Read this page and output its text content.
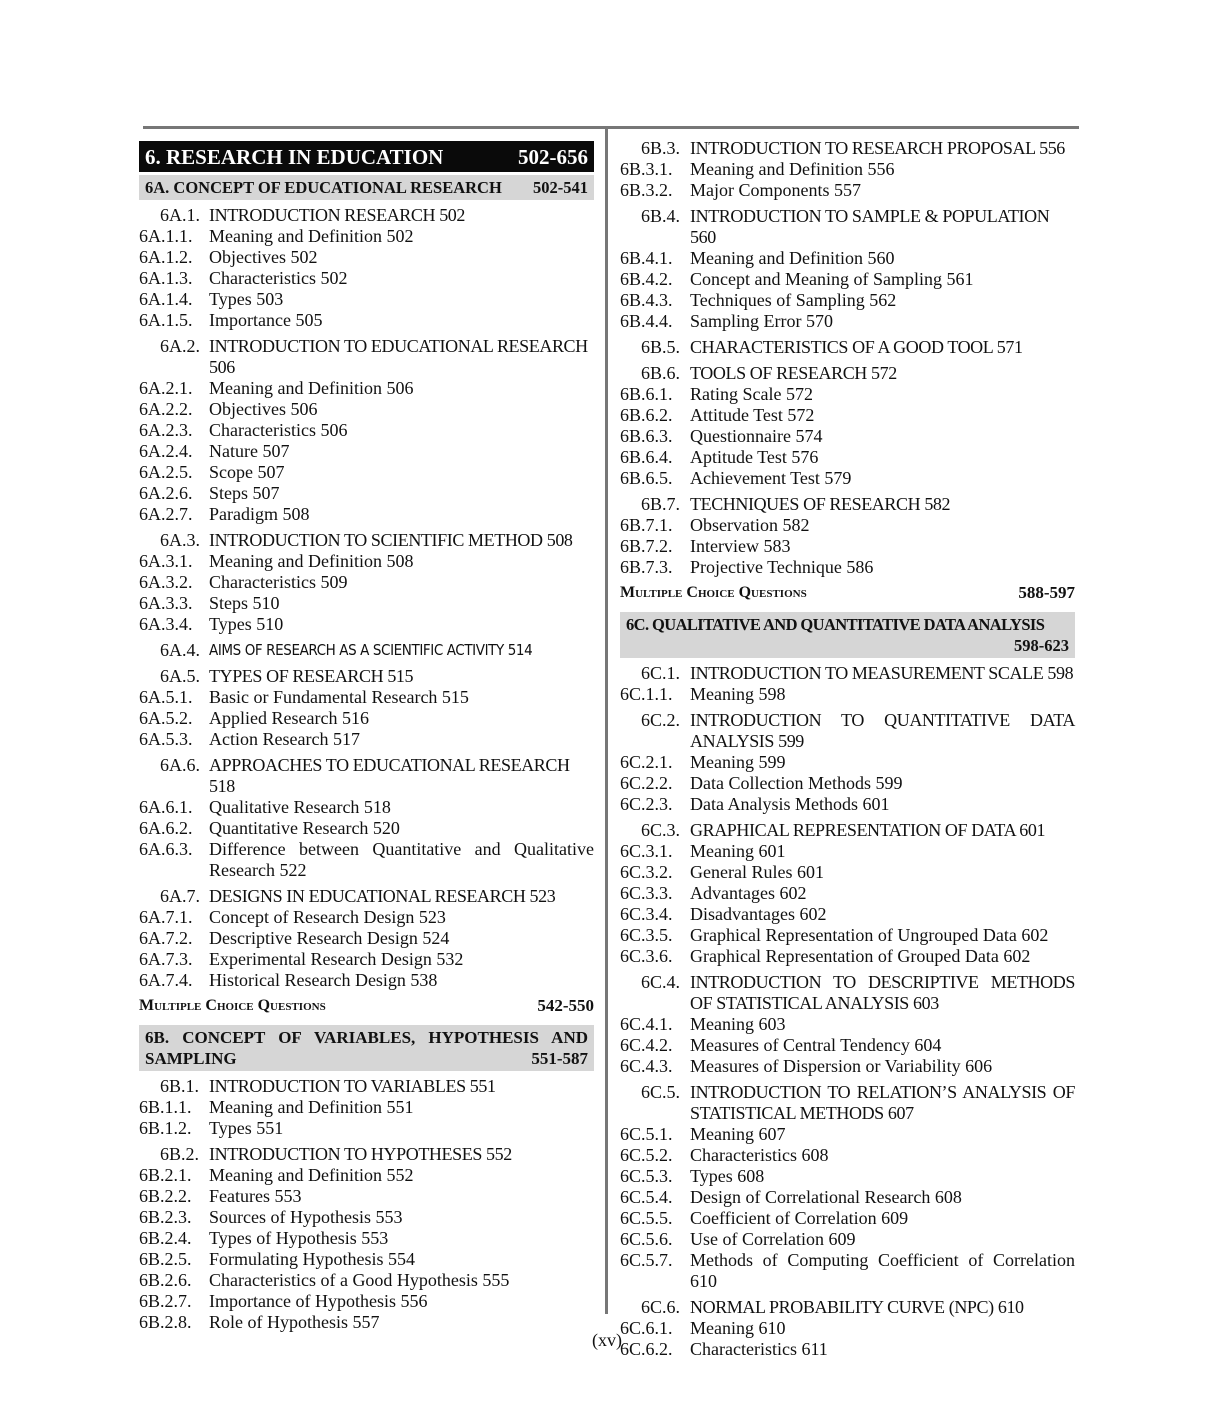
6. RESEARCH IN EDUCATION	502-656
6A. CONCEPT OF EDUCATIONAL RESEARCH 502-541
6A.1. INTRODUCTION RESEARCH 502
6A.1.1. Meaning and Definition 502
6A.1.2. Objectives 502
6A.1.3. Characteristics 502
6A.1.4. Types 503
6A.1.5. Importance 505
6A.2. INTRODUCTION TO EDUCATIONAL RESEARCH 506
6A.2.1. Meaning and Definition 506
6A.2.2. Objectives 506
6A.2.3. Characteristics 506
6A.2.4. Nature 507
6A.2.5. Scope 507
6A.2.6. Steps 507
6A.2.7. Paradigm 508
6A.3. INTRODUCTION TO SCIENTIFIC METHOD 508
6A.3.1. Meaning and Definition 508
6A.3.2. Characteristics 509
6A.3.3. Steps 510
6A.3.4. Types 510
6A.4. AIMS OF RESEARCH AS A SCIENTIFIC ACTIVITY 514
6A.5. TYPES OF RESEARCH 515
6A.5.1. Basic or Fundamental Research 515
6A.5.2. Applied Research 516
6A.5.3. Action Research 517
6A.6. APPROACHES TO EDUCATIONAL RESEARCH 518
6A.6.1. Qualitative Research 518
6A.6.2. Quantitative Research 520
6A.6.3. Difference between Quantitative and Qualitative Research 522
6A.7. DESIGNS IN EDUCATIONAL RESEARCH 523
6A.7.1. Concept of Research Design 523
6A.7.2. Descriptive Research Design 524
6A.7.3. Experimental Research Design 532
6A.7.4. Historical Research Design 538
Multiple Choice Questions	542-550
6B. CONCEPT OF VARIABLES, HYPOTHESIS AND
SAMPLING	551-587
6B.1. INTRODUCTION TO VARIABLES 551
6B.1.1. Meaning and Definition 551
6B.1.2. Types 551
6B.2. INTRODUCTION TO HYPOTHESES 552
6B.2.1. Meaning and Definition 552
6B.2.2. Features 553
6B.2.3. Sources of Hypothesis 553
6B.2.4. Types of Hypothesis 553
6B.2.5. Formulating Hypothesis 554
6B.2.6. Characteristics of a Good Hypothesis 555
6B.2.7. Importance of Hypothesis 556
6B.2.8. Role of Hypothesis 557
6B.3. INTRODUCTION TO RESEARCH PROPOSAL 556
6B.3.1. Meaning and Definition 556
6B.3.2. Major Components 557
6B.4. INTRODUCTION TO SAMPLE & POPULATION 560
6B.4.1. Meaning and Definition 560
6B.4.2. Concept and Meaning of Sampling 561
6B.4.3. Techniques of Sampling 562
6B.4.4. Sampling Error 570
6B.5. CHARACTERISTICS OF A GOOD TOOL 571
6B.6. TOOLS OF RESEARCH 572
6B.6.1. Rating Scale 572
6B.6.2. Attitude Test 572
6B.6.3. Questionnaire 574
6B.6.4. Aptitude Test 576
6B.6.5. Achievement Test 579
6B.7. TECHNIQUES OF RESEARCH 582
6B.7.1. Observation 582
6B.7.2. Interview 583
6B.7.3. Projective Technique 586
Multiple Choice Questions	588-597
6C. QUALITATIVE AND QUANTITATIVE DATA ANALYSIS
598-623
6C.1. INTRODUCTION TO MEASUREMENT SCALE 598
6C.1.1. Meaning 598
6C.2. INTRODUCTION TO QUANTITATIVE DATA ANALYSIS 599
6C.2.1. Meaning 599
6C.2.2. Data Collection Methods 599
6C.2.3. Data Analysis Methods 601
6C.3. GRAPHICAL REPRESENTATION OF DATA 601
6C.3.1. Meaning 601
6C.3.2. General Rules 601
6C.3.3. Advantages 602
6C.3.4. Disadvantages 602
6C.3.5. Graphical Representation of Ungrouped Data 602
6C.3.6. Graphical Representation of Grouped Data 602
6C.4. INTRODUCTION TO DESCRIPTIVE METHODS OF STATISTICAL ANALYSIS 603
6C.4.1. Meaning 603
6C.4.2. Measures of Central Tendency 604
6C.4.3. Measures of Dispersion or Variability 606
6C.5. INTRODUCTION TO RELATION’S ANALYSIS OF STATISTICAL METHODS 607
6C.5.1. Meaning 607
6C.5.2. Characteristics 608
6C.5.3. Types 608
6C.5.4. Design of Correlational Research 608
6C.5.5. Coefficient of Correlation 609
6C.5.6. Use of Correlation 609
6C.5.7. Methods of Computing Coefficient of Correlation 610
6C.6. NORMAL PROBABILITY CURVE (NPC) 610
6C.6.1. Meaning 610
6C.6.2. Characteristics 611
(xv)
